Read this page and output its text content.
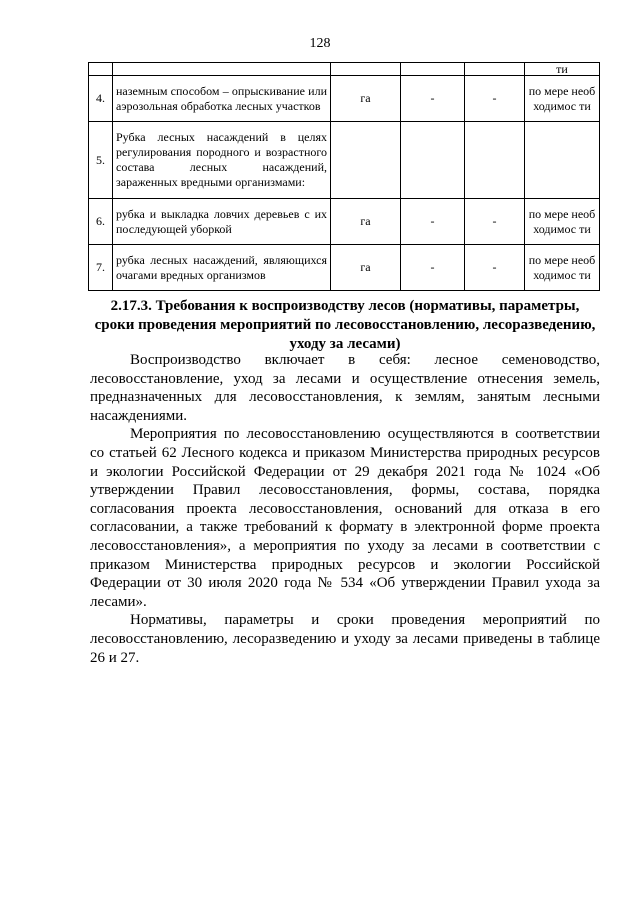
128
					ти
4.	наземным способом – опрыскивание или аэрозольная обработка лесных участков	га	-	-	по мере необходимос ти
5.	Рубка лесных насаждений в целях регулирования породного и возрастного состава лесных насаждений, зараженных вредными организмами:				
6.	рубка и выкладка ловчих деревьев с их последующей уборкой	га	-	-	по мере необходимос ти
7.	рубка лесных насаждений, являющихся очагами вредных организмов	га	-	-	по мере необходимос ти
2.17.3. Требования к воспроизводству лесов (нормативы, параметры, сроки проведения мероприятий по лесовосстановлению, лесоразведению, уходу за лесами)

Воспроизводство включает в себя: лесное семеноводство, лесовосстановление, уход за лесами и осуществление отнесения земель, предназначенных для лесовосстановления, к землям, занятым лесными насаждениями.

Мероприятия по лесовосстановлению осуществляются в соответствии со статьей 62 Лесного кодекса и приказом Министерства природных ресурсов и экологии Российской Федерации от 29 декабря 2021 года № 1024 «Об утверждении Правил лесовосстановления, формы, состава, порядка согласования проекта лесовосстановления, оснований для отказа в его согласовании, а также требований к формату в электронной форме проекта лесовосстановления», а мероприятия по уходу за лесами в соответствии с приказом Министерства природных ресурсов и экологии Российской Федерации от 30 июля 2020 года № 534 «Об утверждении Правил ухода за лесами».

Нормативы, параметры и сроки проведения мероприятий по лесовосстановлению, лесоразведению и уходу за лесами приведены в таблице 26 и 27.
